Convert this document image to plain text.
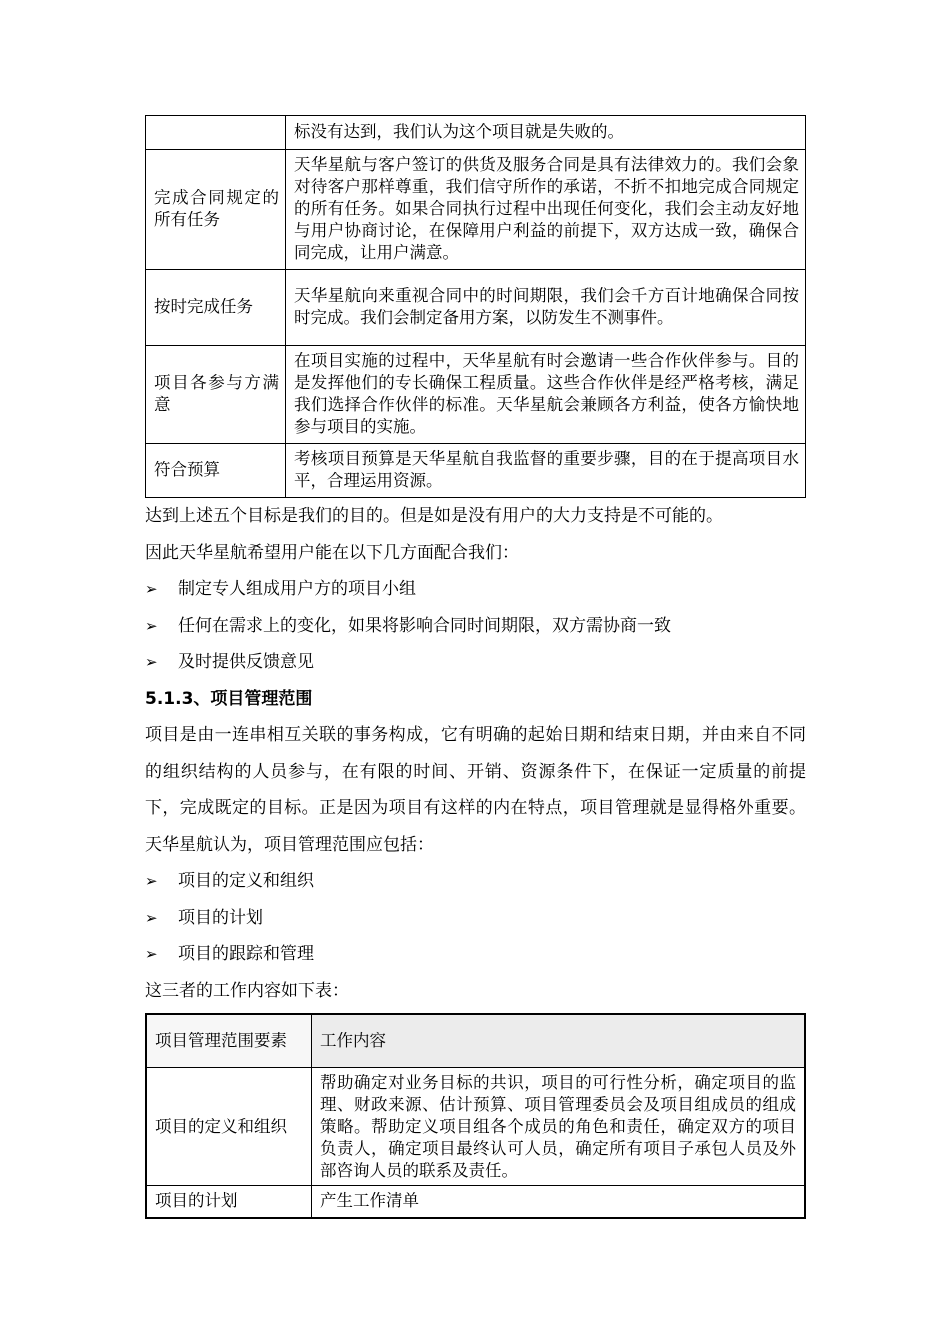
	标没有达到，我们认为这个项目就是失败的。
完成合同规定的所有任务	天华星航与客户签订的供货及服务合同是具有法律效力的。我们会象对待客户那样尊重，我们信守所作的承诺，不折不扣地完成合同规定的所有任务。如果合同执行过程中出现任何变化，我们会主动友好地与用户协商讨论，在保障用户利益的前提下，双方达成一致，确保合同完成，让用户满意。
按时完成任务	天华星航向来重视合同中的时间期限，我们会千方百计地确保合同按时完成。我们会制定备用方案，以防发生不测事件。
项目各参与方满意	在项目实施的过程中，天华星航有时会邀请一些合作伙伴参与。目的是发挥他们的专长确保工程质量。这些合作伙伴是经严格考核，满足我们选择合作伙伴的标准。天华星航会兼顾各方利益，使各方愉快地参与项目的实施。
符合预算	考核项目预算是天华星航自我监督的重要步骤，目的在于提高项目水平，合理运用资源。

达到上述五个目标是我们的目的。但是如是没有用户的大力支持是不可能的。

因此天华星航希望用户能在以下几方面配合我们：

➢	制定专人组成用户方的项目小组
➢	任何在需求上的变化，如果将影响合同时间期限，双方需协商一致
➢	及时提供反馈意见

5.1.3、项目管理范围

项目是由一连串相互关联的事务构成，它有明确的起始日期和结束日期，并由来自不同的组织结构的人员参与，在有限的时间、开销、资源条件下，在保证一定质量的前提下，完成既定的目标。正是因为项目有这样的内在特点，项目管理就是显得格外重要。天华星航认为，项目管理范围应包括：

➢	项目的定义和组织
➢	项目的计划
➢	项目的跟踪和管理

这三者的工作内容如下表：

项目管理范围要素	工作内容
项目的定义和组织	帮助确定对业务目标的共识，项目的可行性分析，确定项目的监理、财政来源、估计预算、项目管理委员会及项目组成员的组成策略。帮助定义项目组各个成员的角色和责任，确定双方的项目负责人，确定项目最终认可人员，确定所有项目子承包人员及外部咨询人员的联系及责任。
项目的计划	产生工作清单
